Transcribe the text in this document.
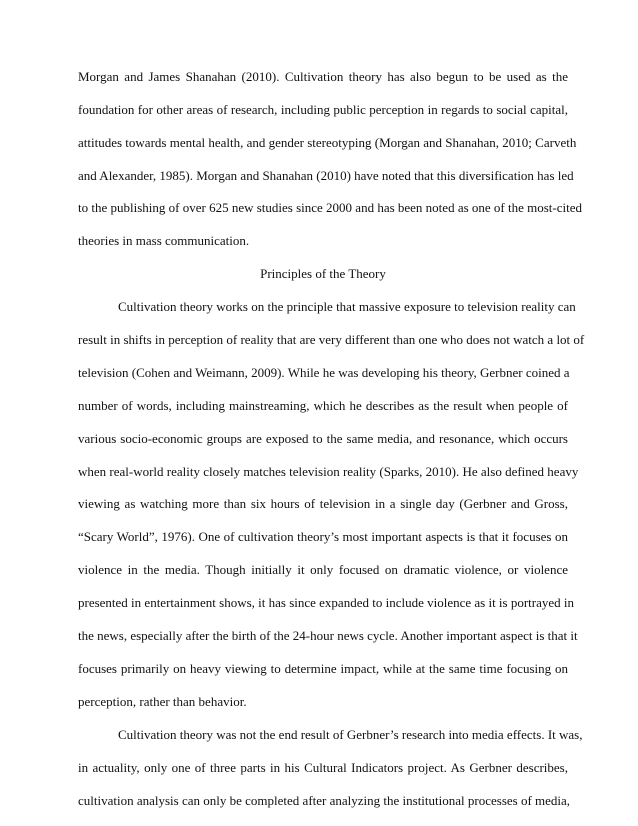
Morgan and James Shanahan (2010). Cultivation theory has also begun to be used as the

foundation for other areas of research, including public perception in regards to social capital,

attitudes towards mental health, and gender stereotyping (Morgan and Shanahan, 2010; Carveth

and Alexander, 1985). Morgan and Shanahan (2010) have noted that this diversification has led

to the publishing of over 625 new studies since 2000 and has been noted as one of the most-cited

theories in mass communication.

Principles of the Theory

Cultivation theory works on the principle that massive exposure to television reality can

result in shifts in perception of reality that are very different than one who does not watch a lot of

television (Cohen and Weimann, 2009). While he was developing his theory, Gerbner coined a

number of words, including mainstreaming, which he describes as the result when people of

various socio-economic groups are exposed to the same media, and resonance, which occurs

when real-world reality closely matches television reality (Sparks, 2010). He also defined heavy

viewing as watching more than six hours of television in a single day (Gerbner and Gross,

“Scary World”, 1976). One of cultivation theory’s most important aspects is that it focuses on

violence in the media. Though initially it only focused on dramatic violence, or violence

presented in entertainment shows, it has since expanded to include violence as it is portrayed in

the news, especially after the birth of the 24-hour news cycle. Another important aspect is that it

focuses primarily on heavy viewing to determine impact, while at the same time focusing on

perception, rather than behavior.

Cultivation theory was not the end result of Gerbner’s research into media effects. It was,

in actuality, only one of three parts in his Cultural Indicators project. As Gerbner describes,

cultivation analysis can only be completed after analyzing the institutional processes of media,
